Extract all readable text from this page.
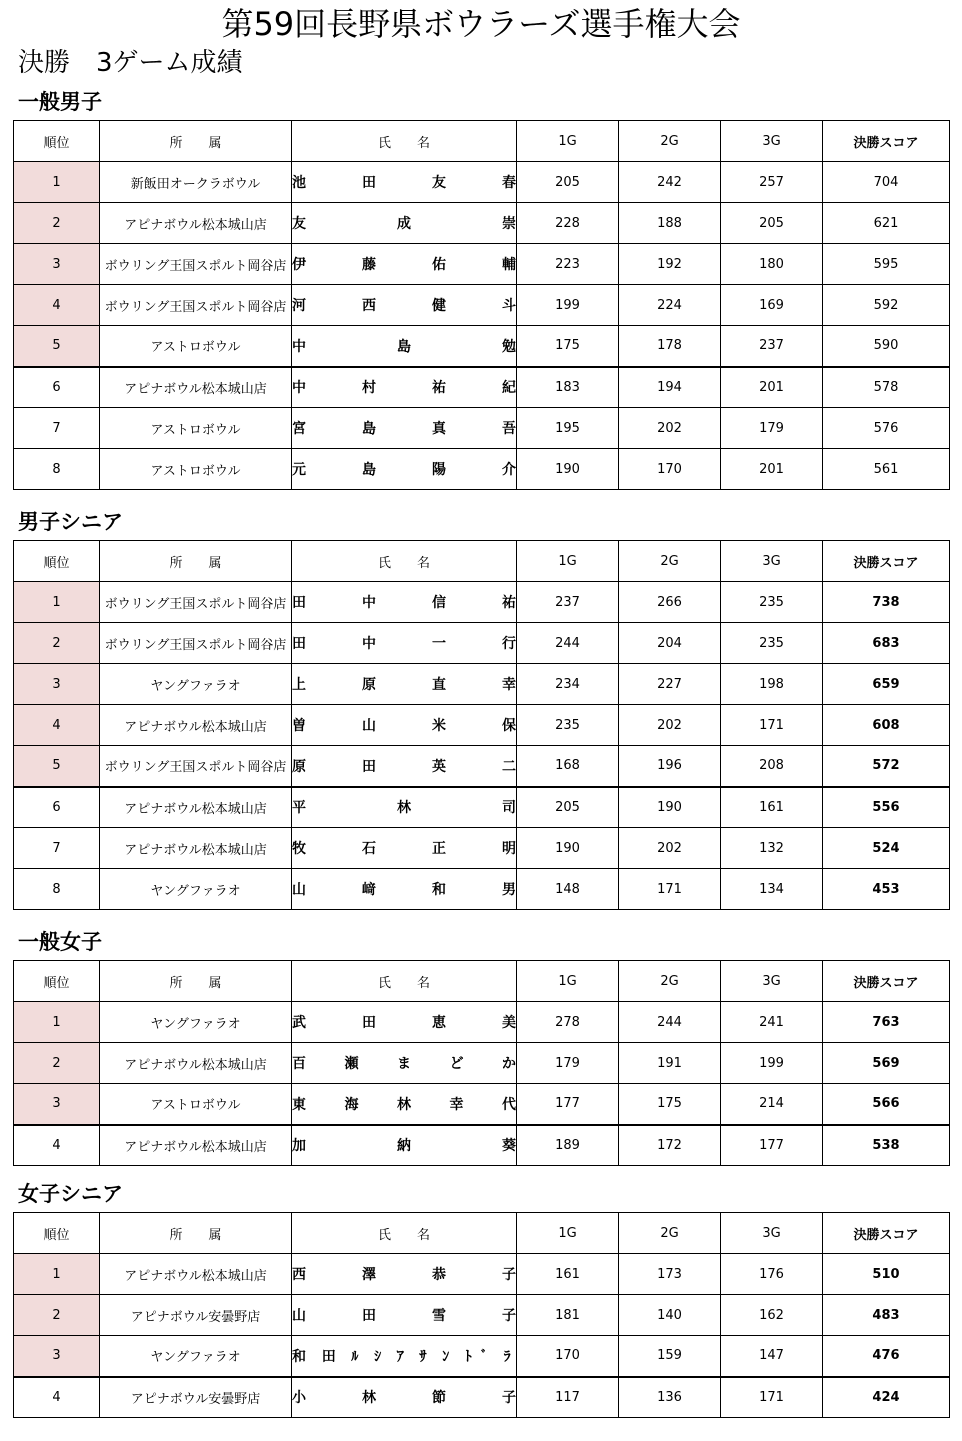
第59回長野県ボウラーズ選手権大会
決勝　3ゲーム成績
一般男子
順位	所　　属	氏　　名	1G	2G	3G	決勝スコア
1	新飯田オークラボウル	池 田 友 春	205	242	257	704
2	アピナボウル松本城山店	友 成 崇	228	188	205	621
3	ボウリング王国スポルト岡谷店	伊 藤 佑 輔	223	192	180	595
4	ボウリング王国スポルト岡谷店	河 西 健 斗	199	224	169	592
5	アストロボウル	中 島 勉	175	178	237	590
6	アピナボウル松本城山店	中 村 祐 紀	183	194	201	578
7	アストロボウル	宮 島 真 吾	195	202	179	576
8	アストロボウル	元 島 陽 介	190	170	201	561
男子シニア
順位	所　　属	氏　　名	1G	2G	3G	決勝スコア
1	ボウリング王国スポルト岡谷店	田 中 信 祐	237	266	235	738
2	ボウリング王国スポルト岡谷店	田 中 一 行	244	204	235	683
3	ヤングファラオ	上 原 直 幸	234	227	198	659
4	アピナボウル松本城山店	曽 山 米 保	235	202	171	608
5	ボウリング王国スポルト岡谷店	原 田 英 二	168	196	208	572
6	アピナボウル松本城山店	平 林 司	205	190	161	556
7	アピナボウル松本城山店	牧 石 正 明	190	202	132	524
8	ヤングファラオ	山 﨑 和 男	148	171	134	453
一般女子
順位	所　　属	氏　　名	1G	2G	3G	決勝スコア
1	ヤングファラオ	武 田 恵 美	278	244	241	763
2	アピナボウル松本城山店	百 瀬 ま ど か	179	191	199	569
3	アストロボウル	東 海 林 幸 代	177	175	214	566
4	アピナボウル松本城山店	加 納 葵	189	172	177	538
女子シニア
順位	所　　属	氏　　名	1G	2G	3G	決勝スコア
1	アピナボウル松本城山店	西 澤 恭 子	161	173	176	510
2	アピナボウル安曇野店	山 田 雪 子	181	140	162	483
3	ヤングファラオ	和 田 ﾙ ｼ ｱ ｻ ﾝ ﾄ ﾞ ﾗ	170	159	147	476
4	アピナボウル安曇野店	小 林 節 子	117	136	171	424
